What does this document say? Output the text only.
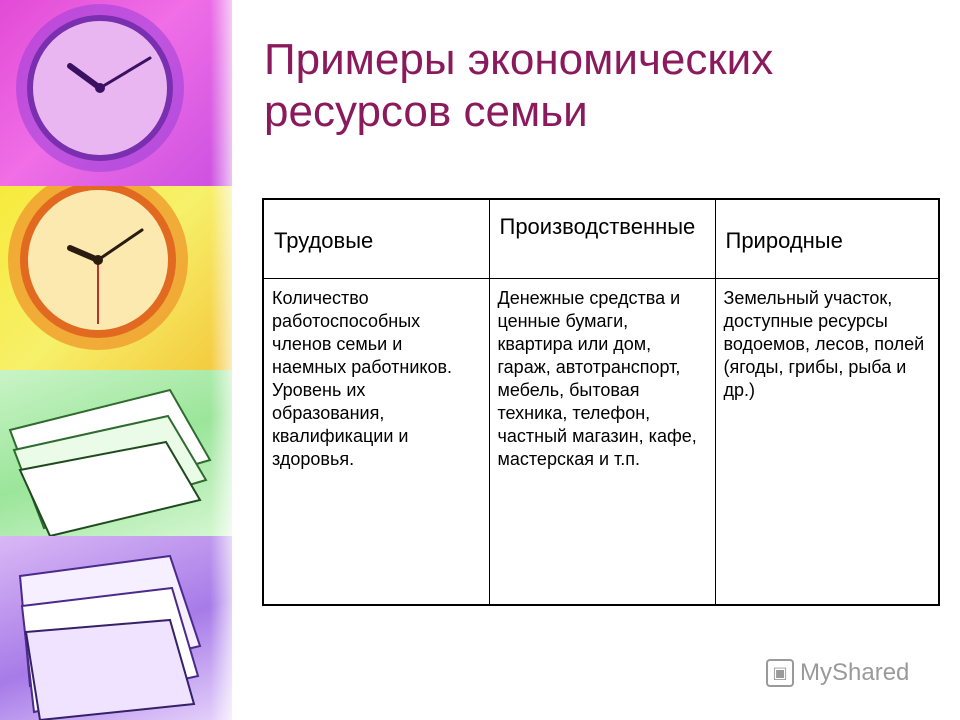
Примеры экономических ресурсов семьи
Трудовые	Производственные	Природные
Количество работоспособных членов семьи и наемных работников. Уровень их образования, квалификации и здоровья.	Денежные средства и ценные бумаги, квартира или дом, гараж, автотранспорт, мебель, бытовая техника, телефон, частный магазин, кафе, мастерская и т.п.	Земельный участок, доступные ресурсы водоемов, лесов, полей (ягоды, грибы, рыба и др.)
▣ MyShared
